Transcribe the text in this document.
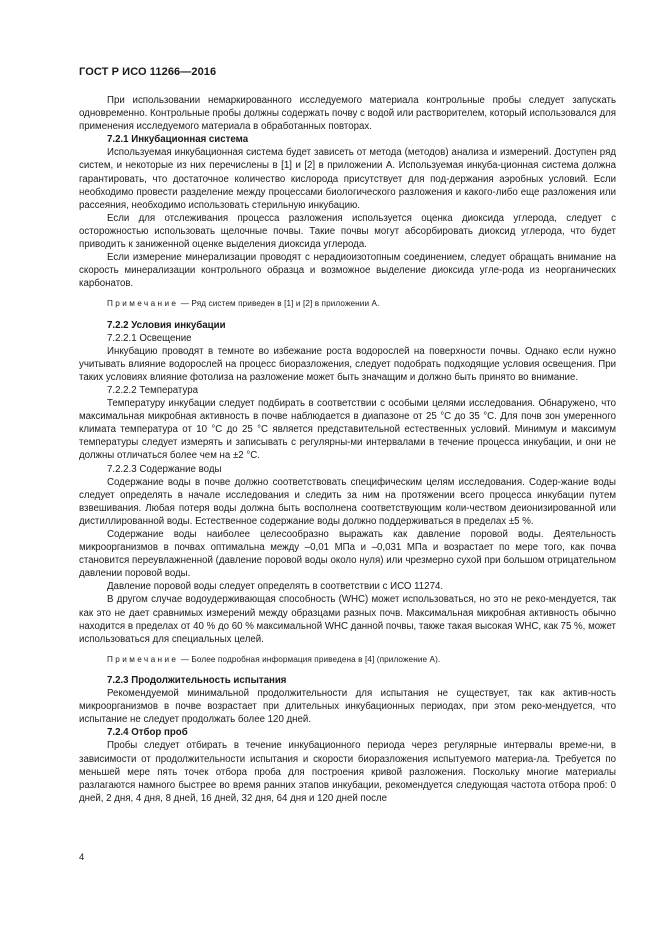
ГОСТ Р ИСО 11266—2016

При использовании немаркированного исследуемого материала контрольные пробы следует запускать одновременно. Контрольные пробы должны содержать почву с водой или растворителем, который использовался для применения исследуемого материала в обработанных повторах.

7.2.1 Инкубационная система

Используемая инкубационная система будет зависеть от метода (методов) анализа и измерений. Доступен ряд систем, и некоторые из них перечислены в [1] и [2] в приложении А. Используемая инкуба-ционная система должна гарантировать, что достаточное количество кислорода присутствует для под-держания аэробных условий. Если необходимо провести разделение между процессами биологического разложения и какого-либо еще разложения или рассеяния, необходимо использовать стерильную инкубацию.

Если для отслеживания процесса разложения используется оценка диоксида углерода, следует с осторожностью использовать щелочные почвы. Такие почвы могут абсорбировать диоксид углерода, что будет приводить к заниженной оценке выделения диоксида углерода.

Если измерение минерализации проводят с нерадиоизотопным соединением, следует обращать внимание на скорость минерализации контрольного образца и возможное выделение диоксида угле-рода из неорганических карбонатов.

Примечание — Ряд систем приведен в [1] и [2] в приложении А.

7.2.2 Условия инкубации

7.2.2.1 Освещение

Инкубацию проводят в темноте во избежание роста водорослей на поверхности почвы. Однако если нужно учитывать влияние водорослей на процесс биоразложения, следует подобрать подходящие условия освещения. При таких условиях влияние фотолиза на разложение может быть значащим и должно быть принято во внимание.

7.2.2.2 Температура

Температуру инкубации следует подбирать в соответствии с особыми целями исследования. Обнаружено, что максимальная микробная активность в почве наблюдается в диапазоне от 25 °С до 35 °С. Для почв зон умеренного климата температура от 10 °С до 25 °С является представительной естественных условий. Минимум и максимум температуры следует измерять и записывать с регулярны-ми интервалами в течение процесса инкубации, и они не должны отличаться более чем на ±2 °С.

7.2.2.3 Содержание воды

Содержание воды в почве должно соответствовать специфическим целям исследования. Содер-жание воды следует определять в начале исследования и следить за ним на протяжении всего процесса инкубации путем взвешивания. Любая потеря воды должна быть восполнена соответствующим коли-чеством деионизированной или дистиллированной воды. Естественное содержание воды должно поддерживаться в пределах ±5 %.

Содержание воды наиболее целесообразно выражать как давление поровой воды. Деятельность микроорганизмов в почвах оптимальна между –0,01 МПа и –0,031 МПа и возрастает по мере того, как почва становится переувлажненной (давление поровой воды около нуля) или чрезмерно сухой при большом отрицательном давлении поровой воды.

Давление поровой воды следует определять в соответствии с ИСО 11274.

В другом случае водоудерживающая способность (WHC) может использоваться, но это не реко-мендуется, так как это не дает сравнимых измерений между образцами разных почв. Максимальная микробная активность обычно находится в пределах от 40 % до 60 % максимальной WHC данной почвы, также такая высокая WHC, как 75 %, может использоваться для специальных целей.

Примечание — Более подробная информация приведена в [4] (приложение А).

7.2.3 Продолжительность испытания

Рекомендуемой минимальной продолжительности для испытания не существует, так как актив-ность микроорганизмов в почве возрастает при длительных инкубационных периодах, при этом реко-мендуется, что испытание не следует продолжать более 120 дней.

7.2.4 Отбор проб

Пробы следует отбирать в течение инкубационного периода через регулярные интервалы време-ни, в зависимости от продолжительности испытания и скорости биоразложения испытуемого материа-ла. Требуется по меньшей мере пять точек отбора проба для построения кривой разложения. Поскольку многие материалы разлагаются намного быстрее во время ранних этапов инкубации, рекомендуется следующая частота отбора проб: 0 дней, 2 дня, 4 дня, 8 дней, 16 дней, 32 дня, 64 дня и 120 дней после

4
